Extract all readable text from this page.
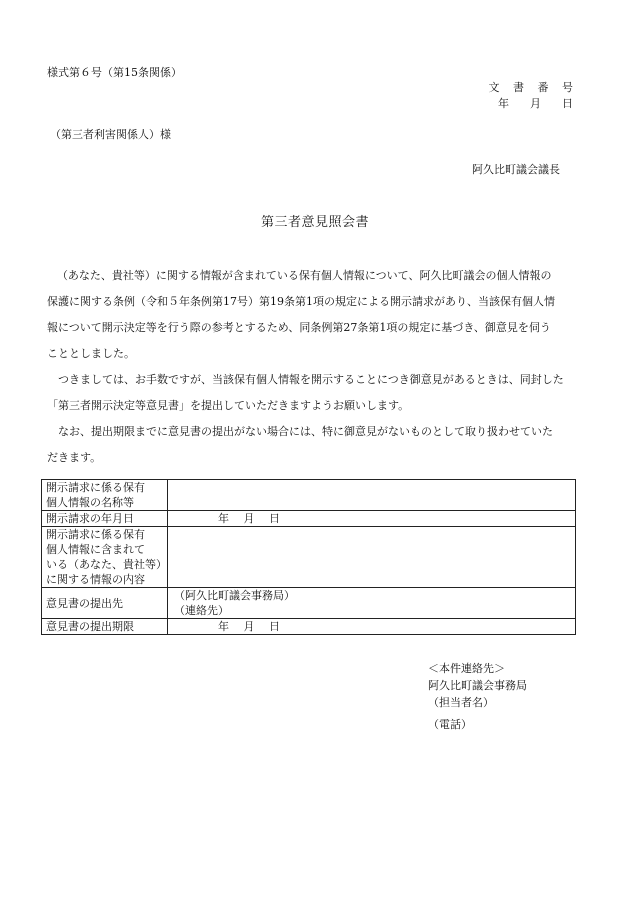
様式第６号（第15条関係）
文 書 番 号
年　月　日
（第三者利害関係人）様
阿久比町議会議長
第三者意見照会書

（あなた、貴社等）に関する情報が含まれている保有個人情報について、阿久比町議会の個人情報の

保護に関する条例（令和５年条例第17号）第19条第1項の規定による開示請求があり、当該保有個人情

報について開示決定等を行う際の参考とするため、同条例第27条第1項の規定に基づき、御意見を伺う

こととしました。

　つきましては、お手数ですが、当該保有個人情報を開示することにつき御意見があるときは、同封した

「第三者開示決定等意見書」を提出していただきますようお願いします。

　なお、提出期限までに意見書の提出がない場合には、特に御意見がないものとして取り扱わせていた

だきます。

開示請求に係る保有
個人情報の名称等	

開示請求の年月日	　　　　年　 月　 日

開示請求に係る保有
個人情報に含まれて
いる（あなた、貴社等）
に関する情報の内容	

意見書の提出先	（阿久比町議会事務局）
（連絡先）

意見書の提出期限	　　　　年　 月　 日
＜本件連絡先＞
阿久比町議会事務局
（担当者名）
（電話）
